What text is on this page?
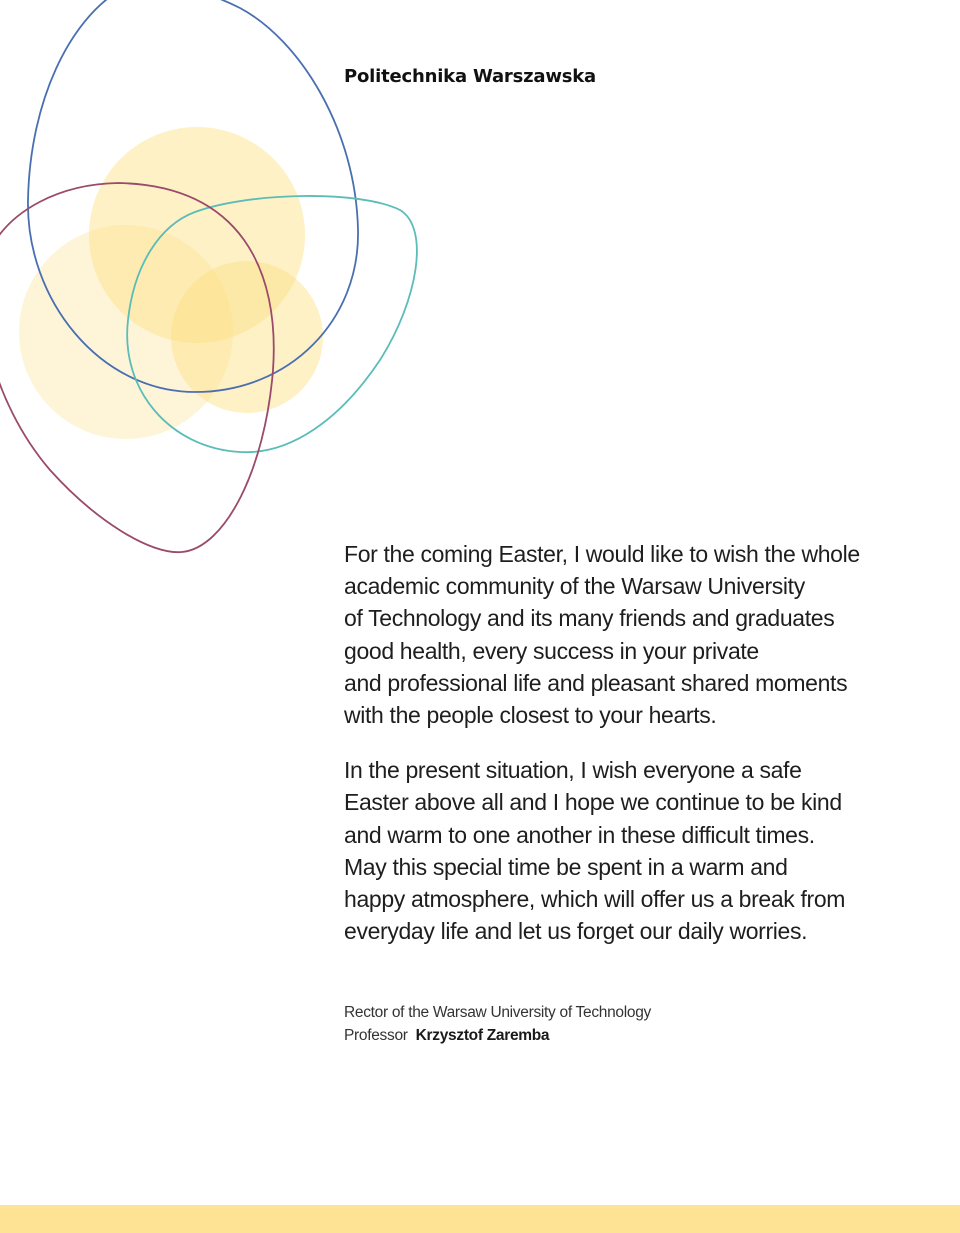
Politechnika Warszawska

For the coming Easter, I would like to wish the whole
academic community of the Warsaw University
of Technology and its many friends and graduates
good health, every success in your private
and professional life and pleasant shared moments
with the people closest to your hearts.

In the present situation, I wish everyone a safe
Easter above all and I hope we continue to be kind
and warm to one another in these difficult times.
May this special time be spent in a warm and
happy atmosphere, which will offer us a break from
everyday life and let us forget our daily worries.

Rector of the Warsaw University of Technology
Professor Krzysztof Zaremba
